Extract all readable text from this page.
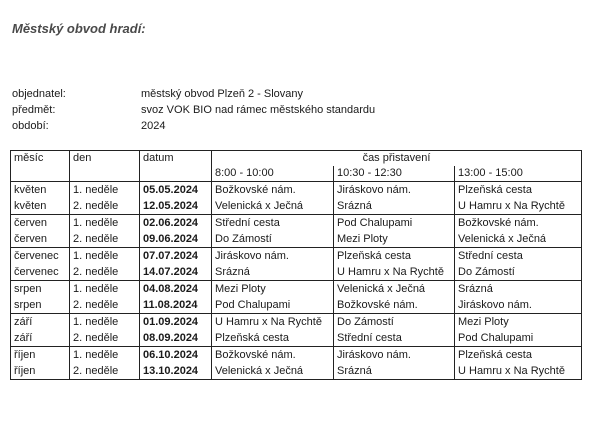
Městský obvod hradí:
objednatel:	městský obvod Plzeň 2 - Slovany
předmět:	svoz VOK BIO nad rámec městského standardu
období:	2024
měsíc	den	datum	čas přistavení		
			8:00 - 10:00	10:30 - 12:30	13:00 - 15:00
květen	1. neděle	05.05.2024	Božkovské nám.	Jiráskovo nám.	Plzeňská cesta
květen	2. neděle	12.05.2024	Velenická x Ječná	Srázná	U Hamru x Na Rychtě
červen	1. neděle	02.06.2024	Střední cesta	Pod Chalupami	Božkovské nám.
červen	2. neděle	09.06.2024	Do Zámostí	Mezi Ploty	Velenická x Ječná
červenec	1. neděle	07.07.2024	Jiráskovo nám.	Plzeňská cesta	Střední cesta
červenec	2. neděle	14.07.2024	Srázná	U Hamru x Na Rychtě	Do Zámostí
srpen	1. neděle	04.08.2024	Mezi Ploty	Velenická x Ječná	Srázná
srpen	2. neděle	11.08.2024	Pod Chalupami	Božkovské nám.	Jiráskovo nám.
září	1. neděle	01.09.2024	U Hamru x Na Rychtě	Do Zámostí	Mezi Ploty
září	2. neděle	08.09.2024	Plzeňská cesta	Střední cesta	Pod Chalupami
říjen	1. neděle	06.10.2024	Božkovské nám.	Jiráskovo nám.	Plzeňská cesta
říjen	2. neděle	13.10.2024	Velenická x Ječná	Srázná	U Hamru x Na Rychtě
